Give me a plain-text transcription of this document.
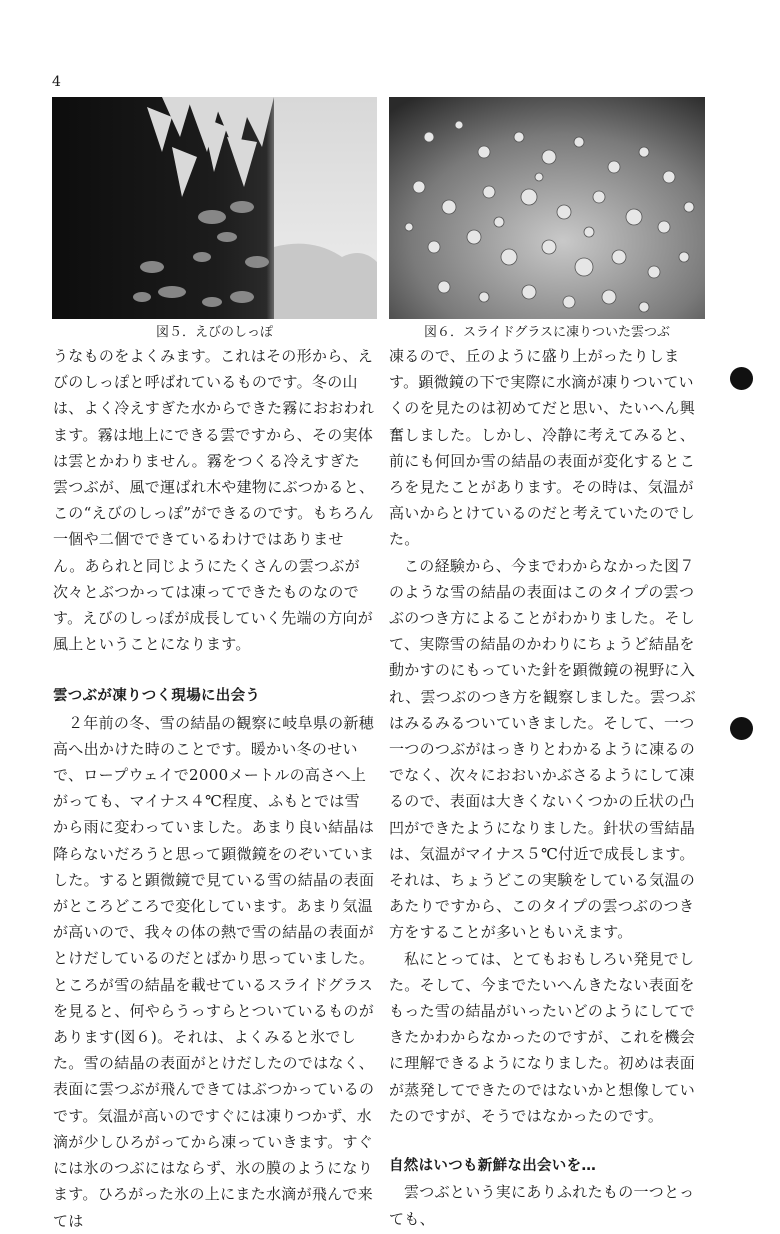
4
図５．えびのしっぽ	図６．スライドグラスに凍りついた雲つぶ

うなものをよくみます。これはその形から、えびのしっぽと呼ばれているものです。冬の山は、よく冷えすぎた水からできた霧におおわれます。霧は地上にできる雲ですから、その実体は雲とかわりません。霧をつくる冷えすぎた雲つぶが、風で運ばれ木や建物にぶつかると、この“えびのしっぽ”ができるのです。もちろん一個や二個でできているわけではありません。あられと同じようにたくさんの雲つぶが次々とぶつかっては凍ってできたものなのです。えびのしっぽが成長していく先端の方向が風上ということになります。

雲つぶが凍りつく現場に出会う

２年前の冬、雪の結晶の観察に岐阜県の新穂高へ出かけた時のことです。暖かい冬のせいで、ロープウェイで2000メートルの高さへ上がっても、マイナス４℃程度、ふもとでは雪から雨に変わっていました。あまり良い結晶は降らないだろうと思って顕微鏡をのぞいていました。すると顕微鏡で見ている雪の結晶の表面がところどころで変化しています。あまり気温が高いので、我々の体の熱で雪の結晶の表面がとけだしているのだとばかり思っていました。ところが雪の結晶を載せているスライドグラスを見ると、何やらうっすらとついているものがあります(図６)。それは、よくみると氷でした。雪の結晶の表面がとけだしたのではなく、表面に雲つぶが飛んできてはぶつかっているのです。気温が高いのですぐには凍りつかず、水滴が少しひろがってから凍っていきます。すぐには氷のつぶにはならず、氷の膜のようになります。ひろがった氷の上にまた水滴が飛んで来ては

凍るので、丘のように盛り上がったりします。顕微鏡の下で実際に水滴が凍りついていくのを見たのは初めてだと思い、たいへん興奮しました。しかし、冷静に考えてみると、前にも何回か雪の結晶の表面が変化するところを見たことがあります。その時は、気温が高いからとけているのだと考えていたのでした。

この経験から、今までわからなかった図７のような雪の結晶の表面はこのタイプの雲つぶのつき方によることがわかりました。そして、実際雪の結晶のかわりにちょうど結晶を動かすのにもっていた針を顕微鏡の視野に入れ、雲つぶのつき方を観察しました。雲つぶはみるみるついていきました。そして、一つ一つのつぶがはっきりとわかるように凍るのでなく、次々におおいかぶさるようにして凍るので、表面は大きくないくつかの丘状の凸凹ができたようになりました。針状の雪結晶は、気温がマイナス５℃付近で成長します。それは、ちょうどこの実験をしている気温のあたりですから、このタイプの雲つぶのつき方をすることが多いともいえます。

私にとっては、とてもおもしろい発見でした。そして、今までたいへんきたない表面をもった雪の結晶がいったいどのようにしてできたかわからなかったのですが、これを機会に理解できるようになりました。初めは表面が蒸発してできたのではないかと想像していたのですが、そうではなかったのです。

自然はいつも新鮮な出会いを…

雲つぶという実にありふれたもの一つとっても、
